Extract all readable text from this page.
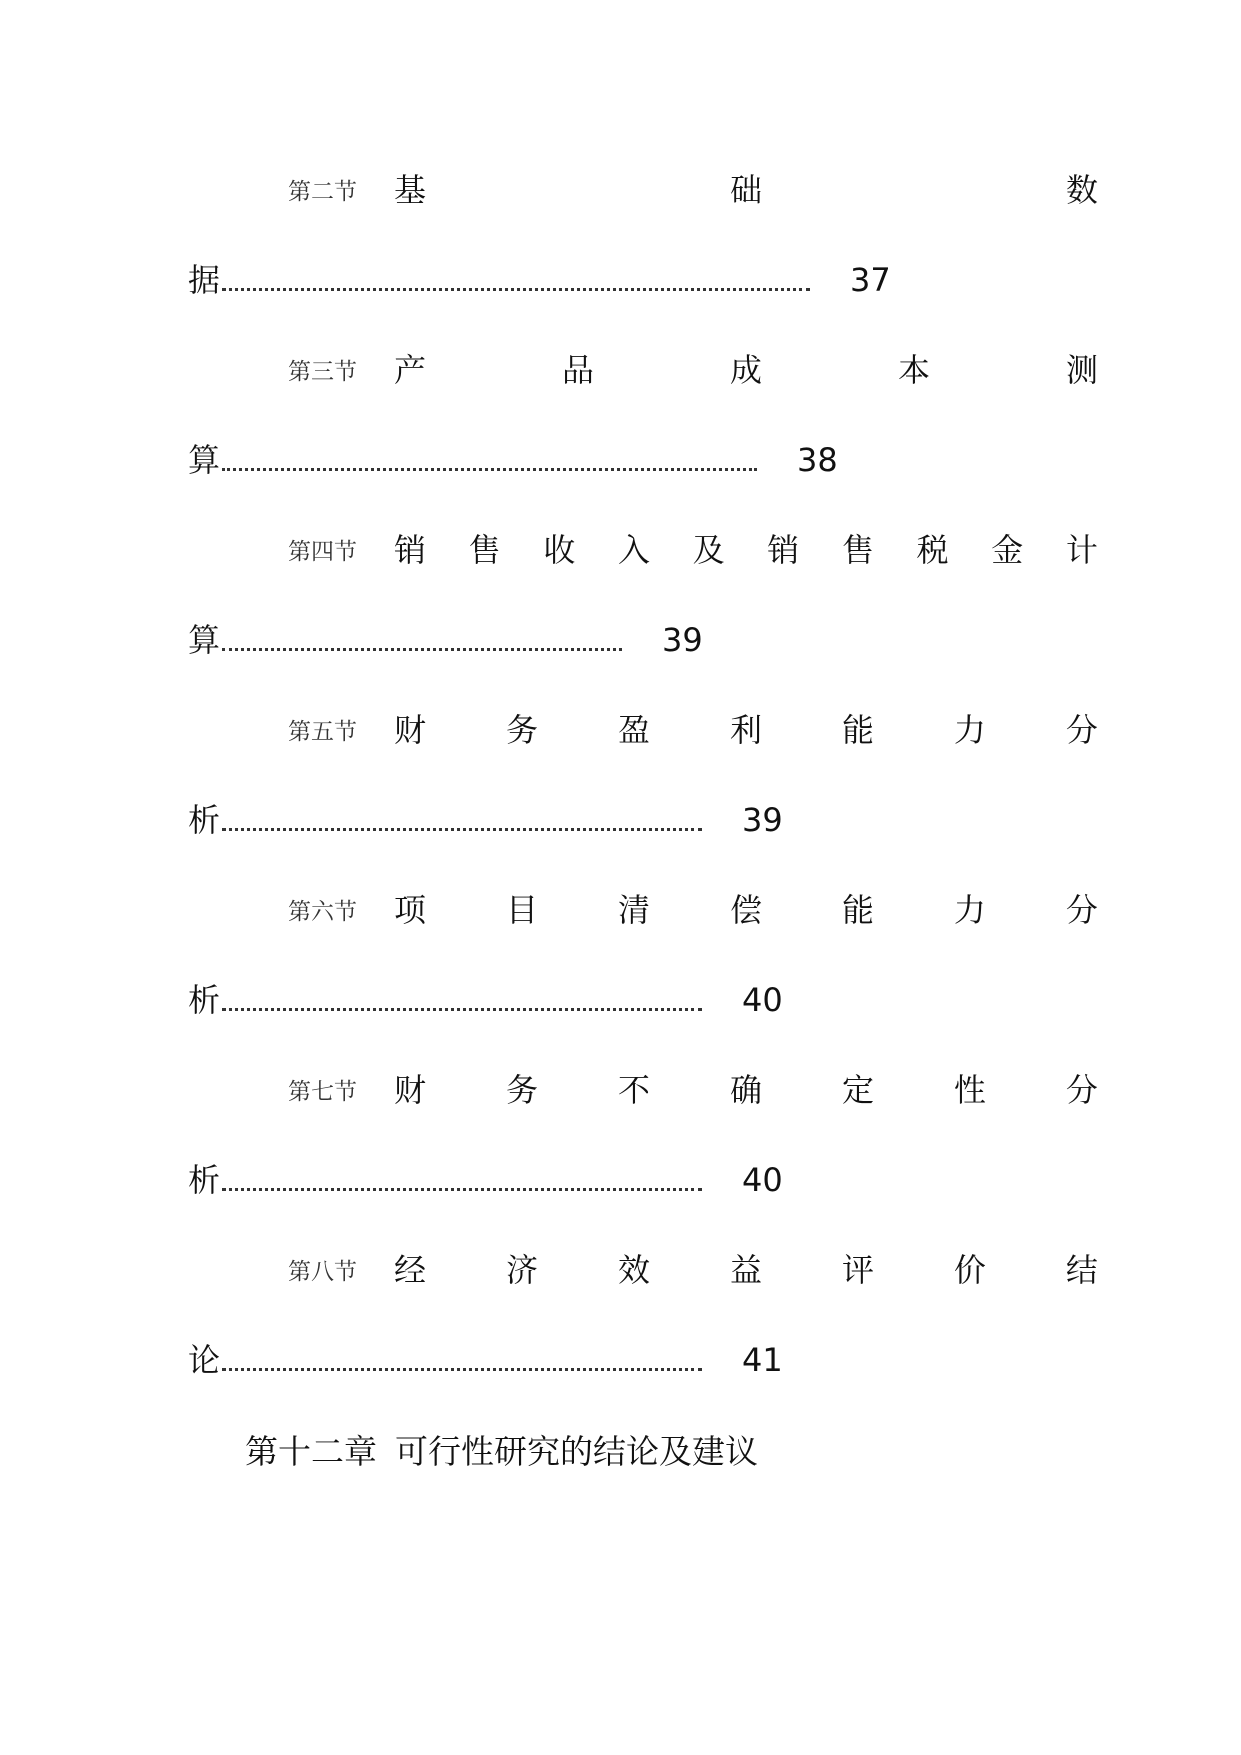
第二节 基	础	数
据	37
第三节 产	品	成	本	测
算	38
第四节 销 售 收 入 及 销 售 税 金 计
算	39
第五节 财 务 盈 利 能 力 分
析	39
第六节 项 目 清 偿 能 力 分
析	40
第七节 财 务 不 确 定 性 分
析	40
第八节 经 济 效 益 评 价 结
论	41
第十二章 可行性研究的结论及建议
